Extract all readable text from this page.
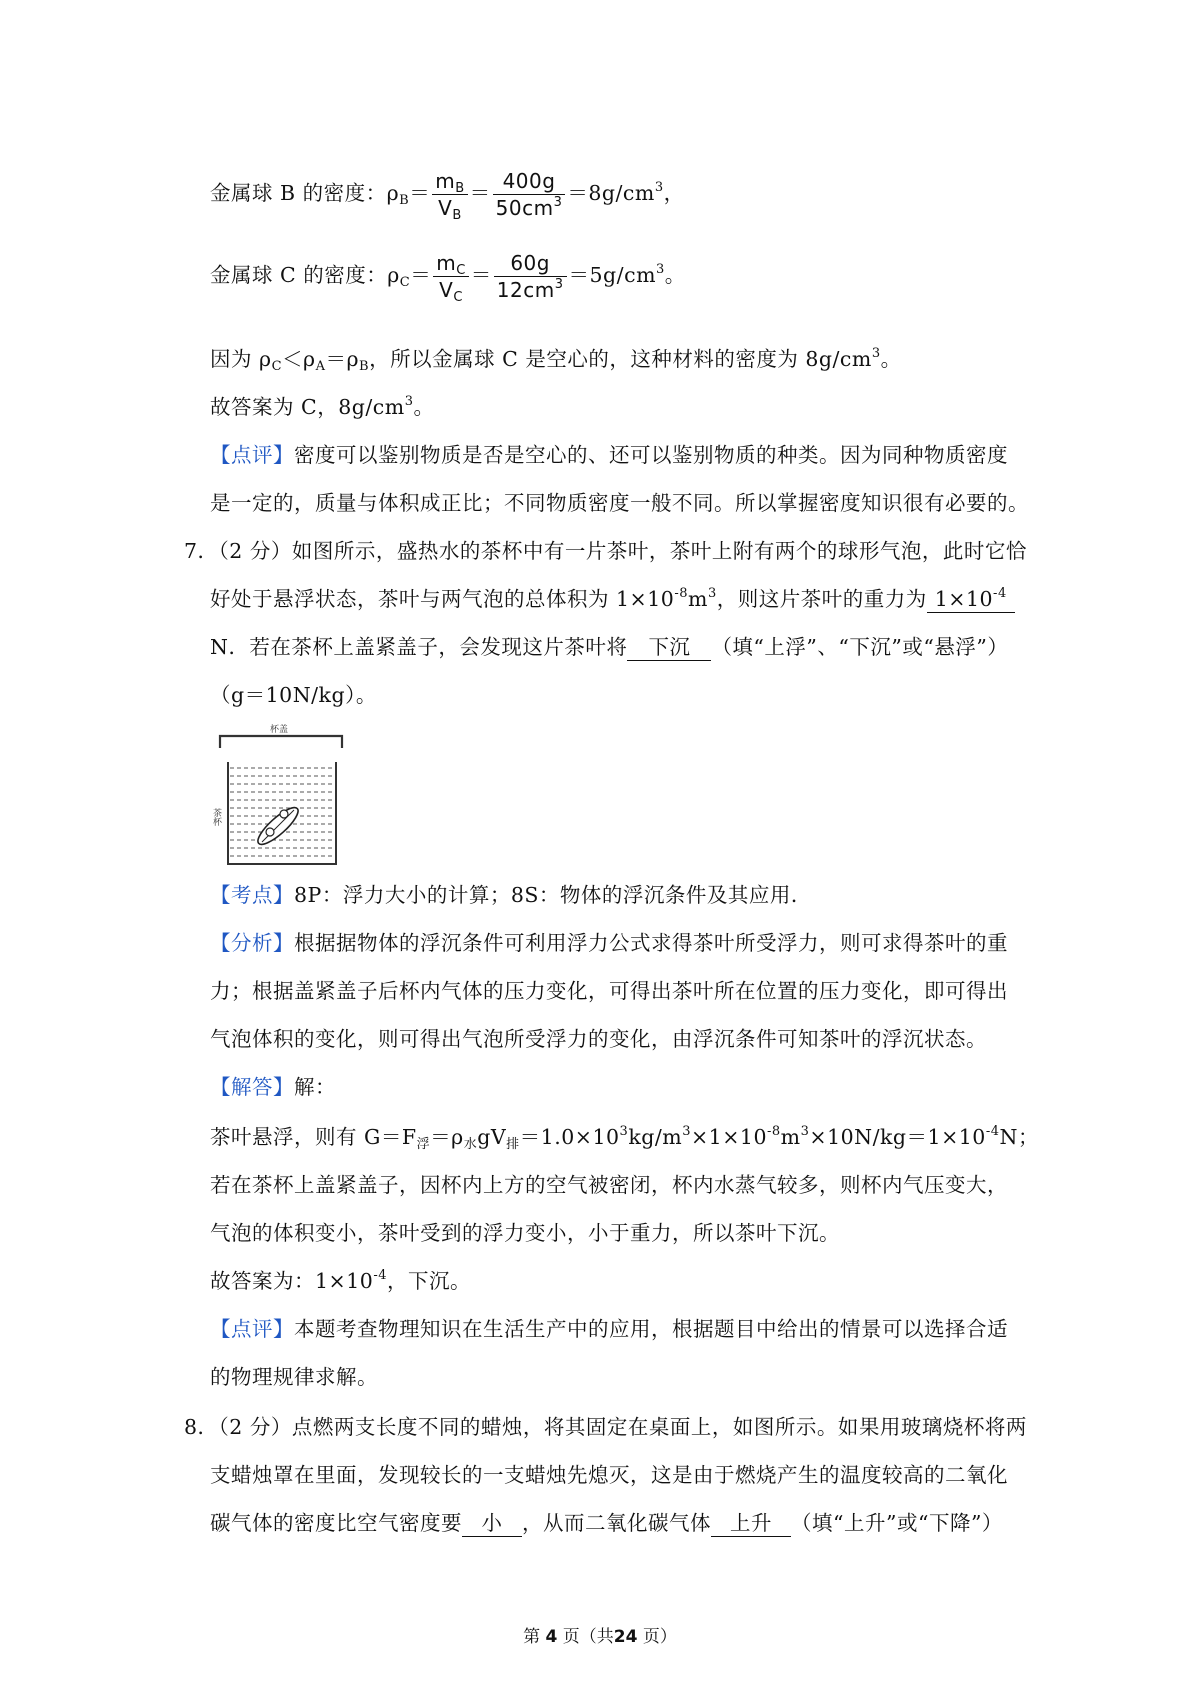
金属球 B 的密度：$\rho_B= \frac{m_B}{V_B} = \frac{400g}{50cm^3} =8g/cm^3$，
金属球 C 的密度：$\rho_C= \frac{m_C}{V_C} = \frac{60g}{12cm^3} =5g/cm^3$。
因为 $\rho_C<\rho_A=\rho_B$，所以金属球 C 是空心的，这种材料的密度为 $8g/cm^3$。
故答案为 C，$8g/cm^3$。
【点评】密度可以鉴别物质是否是空心的、还可以鉴别物质的种类。因为同种物质密度
是一定的，质量与体积成正比；不同物质密度一般不同。所以掌握密度知识很有必要的。
7．（2 分）如图所示，盛热水的茶杯中有一片茶叶，茶叶上附有两个的球形气泡，此时它恰
好处于悬浮状态，茶叶与两气泡的总体积为 $1\times 10^{-8}m^3$，则这片茶叶的重力为 $1\times 10^{-4}$
N．若在茶杯上盖紧盖子，会发现这片茶叶将 下沉 （填“上浮”、“下沉”或“悬浮”）
（g＝10N/kg）。
杯盖
茶杯
【考点】8P：浮力大小的计算；8S：物体的浮沉条件及其应用．
【分析】根据据物体的浮沉条件可利用浮力公式求得茶叶所受浮力，则可求得茶叶的重
力；根据盖紧盖子后杯内气体的压力变化，可得出茶叶所在位置的压力变化，即可得出
气泡体积的变化，则可得出气泡所受浮力的变化，由浮沉条件可知茶叶的浮沉状态。
【解答】解：
茶叶悬浮，则有 $G=F_浮=\rho_水gV_排=1.0\times 10^3kg/m^3\times 1\times 10^{-8}m^3\times 10N/kg=1\times 10^{-4}N$；
若在茶杯上盖紧盖子，因杯内上方的空气被密闭，杯内水蒸气较多，则杯内气压变大，
气泡的体积变小，茶叶受到的浮力变小，小于重力，所以茶叶下沉。
故答案为：$1\times 10^{-4}$，下沉。
【点评】本题考查物理知识在生活生产中的应用，根据题目中给出的情景可以选择合适
的物理规律求解。
8．（2 分）点燃两支长度不同的蜡烛，将其固定在桌面上，如图所示。如果用玻璃烧杯将两
支蜡烛罩在里面，发现较长的一支蜡烛先熄灭，这是由于燃烧产生的温度较高的二氧化
碳气体的密度比空气密度要 小 ，从而二氧化碳气体 上升 （填“上升”或“下降”）
第 4 页（共24 页）
